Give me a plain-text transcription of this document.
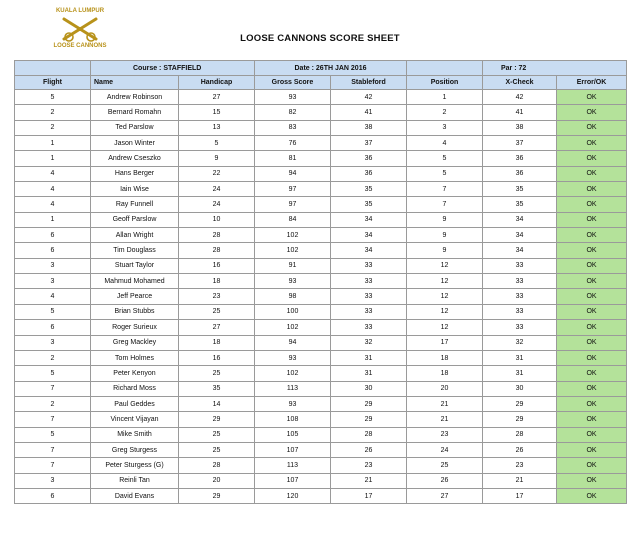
KUALA LUMPUR
LOOSE CANNONS
LOOSE CANNONS SCORE SHEET
	Course : STAFFIELD		Date : 26TH JAN 2016			Par : 72	
Flight	Name	Handicap	Gross Score	Stableford	Position	X-Check	Error/OK
5	Andrew Robinson	27	93	42	1	42	OK
2	Bernard Romahn	15	82	41	2	41	OK
2	Ted Parslow	13	83	38	3	38	OK
1	Jason Winter	5	76	37	4	37	OK
1	Andrew Cseszko	9	81	36	5	36	OK
4	Hans Berger	22	94	36	5	36	OK
4	Iain Wise	24	97	35	7	35	OK
4	Ray Funnell	24	97	35	7	35	OK
1	Geoff Parslow	10	84	34	9	34	OK
6	Allan Wright	28	102	34	9	34	OK
6	Tim Douglass	28	102	34	9	34	OK
3	Stuart Taylor	16	91	33	12	33	OK
3	Mahmud Mohamed	18	93	33	12	33	OK
4	Jeff Pearce	23	98	33	12	33	OK
5	Brian Stubbs	25	100	33	12	33	OK
6	Roger Surieux	27	102	33	12	33	OK
3	Greg Mackley	18	94	32	17	32	OK
2	Tom Holmes	16	93	31	18	31	OK
5	Peter Kenyon	25	102	31	18	31	OK
7	Richard Moss	35	113	30	20	30	OK
2	Paul Geddes	14	93	29	21	29	OK
7	Vincent Vijayan	29	108	29	21	29	OK
5	Mike Smith	25	105	28	23	28	OK
7	Greg Sturgess	25	107	26	24	26	OK
7	Peter Sturgess (G)	28	113	23	25	23	OK
3	Reinli Tan	20	107	21	26	21	OK
6	David Evans	29	120	17	27	17	OK
